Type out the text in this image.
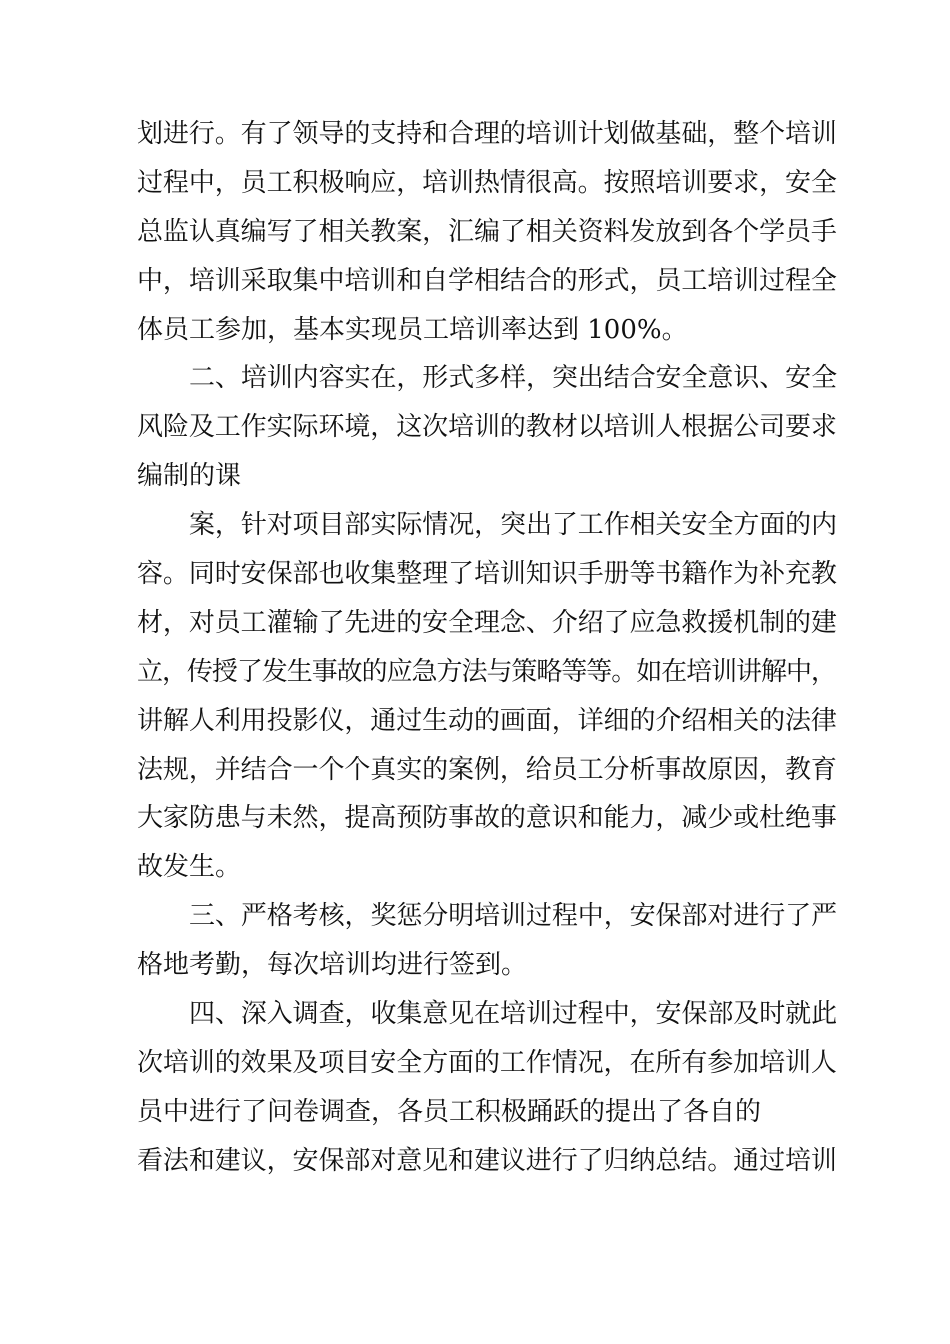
划进行。有了领导的支持和合理的培训计划做基础，整个培训
过程中，员工积极响应，培训热情很高。按照培训要求，安全
总监认真编写了相关教案，汇编了相关资料发放到各个学员手
中，培训采取集中培训和自学相结合的形式，员工培训过程全
体员工参加，基本实现员工培训率达到 100%。
二、培训内容实在，形式多样，突出结合安全意识、安全
风险及工作实际环境，这次培训的教材以培训人根据公司要求
编制的课
案，针对项目部实际情况，突出了工作相关安全方面的内
容。同时安保部也收集整理了培训知识手册等书籍作为补充教
材，对员工灌输了先进的安全理念、介绍了应急救援机制的建
立，传授了发生事故的应急方法与策略等等。如在培训讲解中，
讲解人利用投影仪，通过生动的画面，详细的介绍相关的法律
法规，并结合一个个真实的案例，给员工分析事故原因，教育
大家防患与未然，提高预防事故的意识和能力，减少或杜绝事
故发生。
三、严格考核，奖惩分明培训过程中，安保部对进行了严
格地考勤，每次培训均进行签到。
四、深入调查，收集意见在培训过程中，安保部及时就此
次培训的效果及项目安全方面的工作情况，在所有参加培训人
员中进行了问卷调查，各员工积极踊跃的提出了各自的
看法和建议，安保部对意见和建议进行了归纳总结。通过培训
